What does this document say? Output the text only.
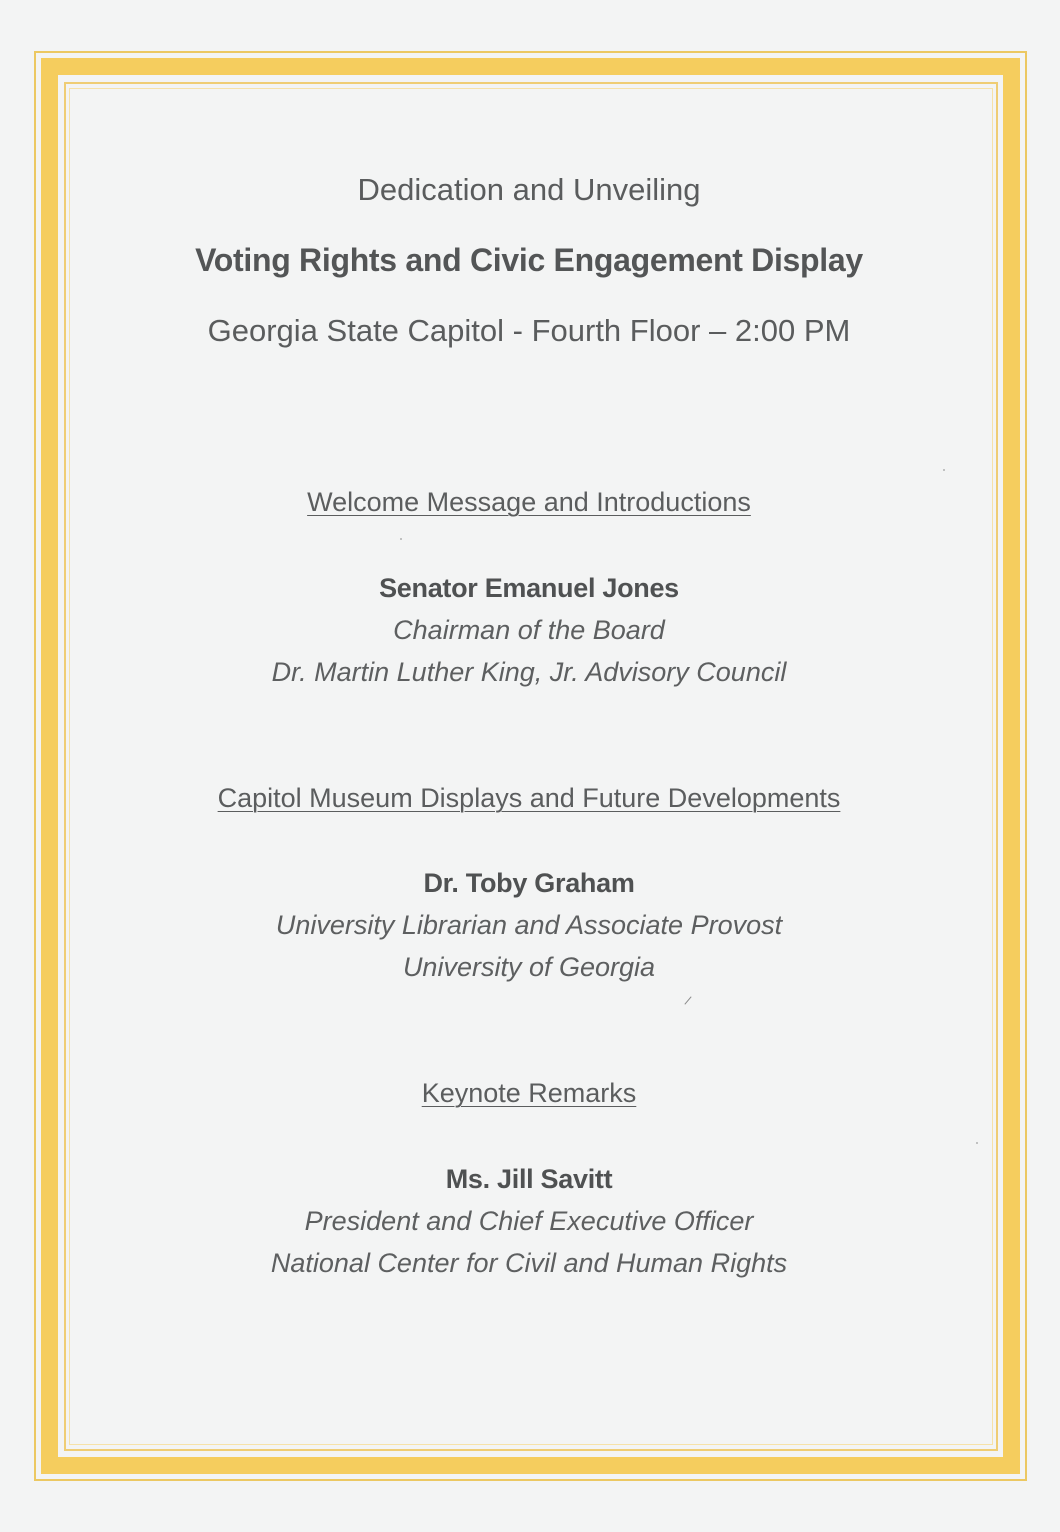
Dedication and Unveiling
Voting Rights and Civic Engagement Display
Georgia State Capitol - Fourth Floor – 2:00 PM
Welcome Message and Introductions
Senator Emanuel Jones
Chairman of the Board
Dr. Martin Luther King, Jr. Advisory Council
Capitol Museum Displays and Future Developments
Dr. Toby Graham
University Librarian and Associate Provost
University of Georgia
Keynote Remarks
Ms. Jill Savitt
President and Chief Executive Officer
National Center for Civil and Human Rights
